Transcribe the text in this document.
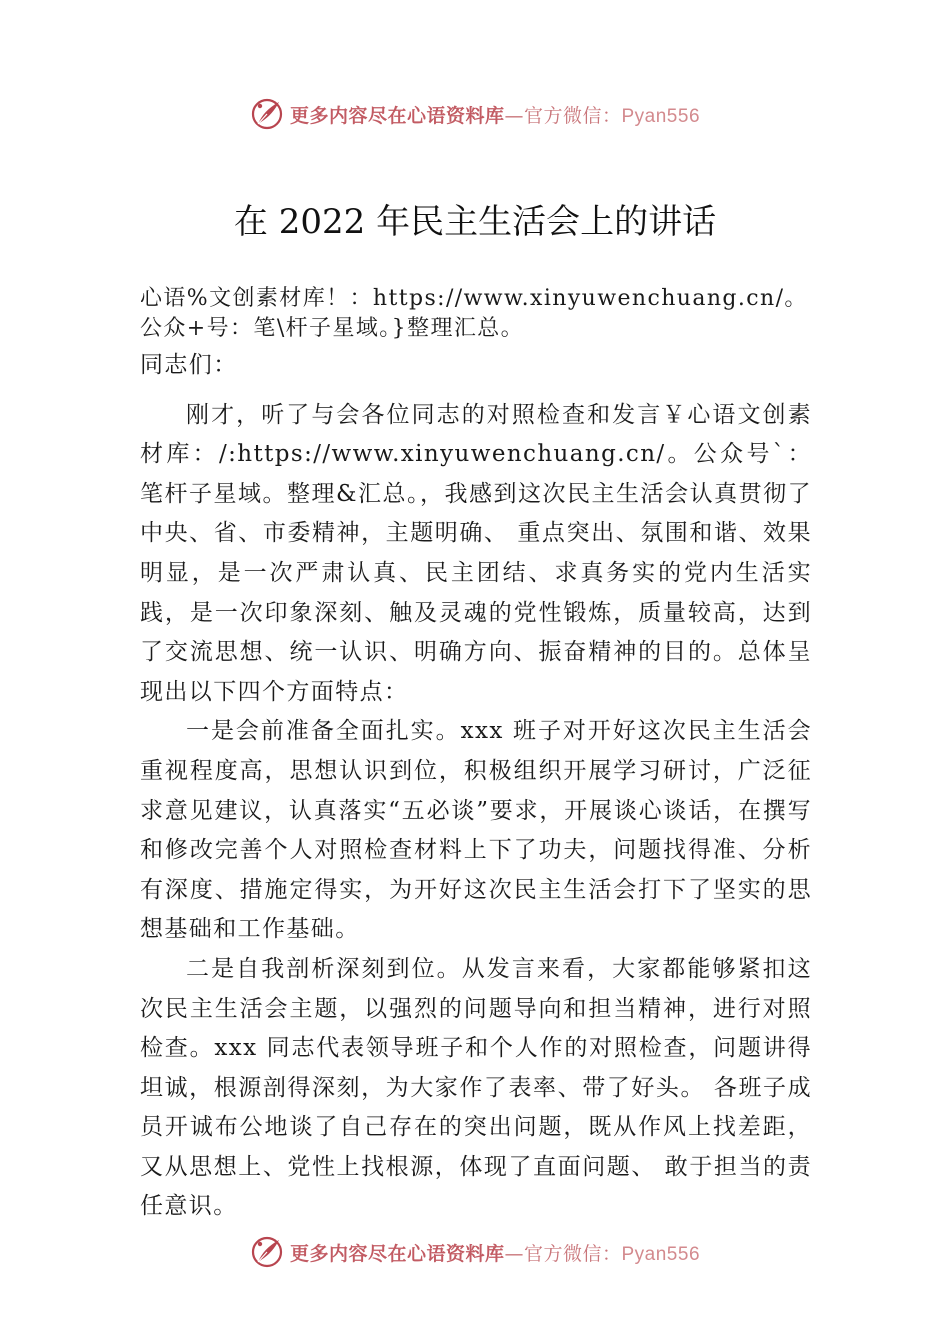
更多内容尽在心语资料库—官方微信：Pyan556
在 2022 年民主生活会上的讲话

心语%文创素材库！：https://www.xinyuwenchuang.cn/。公众+号：笔\杆子星域。}整理汇总。

同志们：

刚才，听了与会各位同志的对照检查和发言￥心语文创素材库：/:https://www.xinyuwenchuang.cn/。公众号`：笔杆子星域。整理&汇总。，我感到这次民主生活会认真贯彻了中央、省、市委精神，主题明确、 重点突出、氛围和谐、效果明显，是一次严肃认真、民主团结、求真务实的党内生活实践，是一次印象深刻、触及灵魂的党性锻炼，质量较高，达到了交流思想、统一认识、明确方向、振奋精神的目的。总体呈现出以下四个方面特点：

一是会前准备全面扎实。xxx 班子对开好这次民主生活会重视程度高，思想认识到位，积极组织开展学习研讨，广泛征求意见建议，认真落实“五必谈”要求，开展谈心谈话，在撰写和修改完善个人对照检查材料上下了功夫，问题找得准、分析有深度、措施定得实，为开好这次民主生活会打下了坚实的思想基础和工作基础。

二是自我剖析深刻到位。从发言来看，大家都能够紧扣这次民主生活会主题，以强烈的问题导向和担当精神，进行对照检查。xxx 同志代表领导班子和个人作的对照检查，问题讲得坦诚，根源剖得深刻，为大家作了表率、带了好头。 各班子成员开诚布公地谈了自己存在的突出问题，既从作风上找差距，又从思想上、党性上找根源，体现了直面问题、 敢于担当的责任意识。

更多内容尽在心语资料库—官方微信：Pyan556
